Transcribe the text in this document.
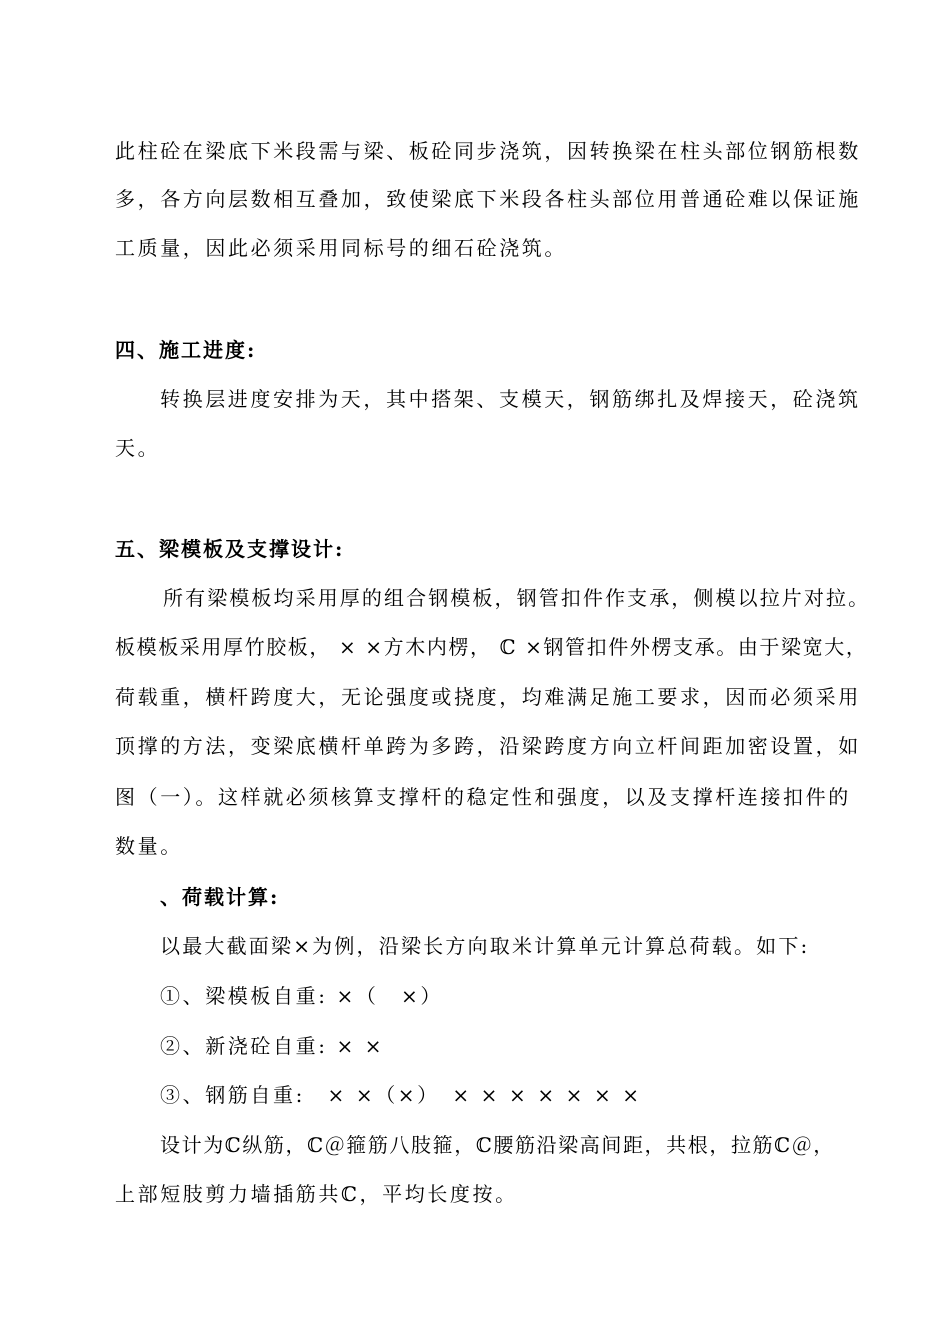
此柱砼在梁底下米段需与梁、板砼同步浇筑，因转换梁在柱头部位钢筋根数
多，各方向层数相互叠加，致使梁底下米段各柱头部位用普通砼难以保证施
工质量，因此必须采用同标号的细石砼浇筑。
四、施工进度:
转换层进度安排为天，其中搭架、支模天，钢筋绑扎及焊接天，砼浇筑
天。
五、梁模板及支撑设计:
所有梁模板均采用厚的组合钢模板，钢管扣件作支承，侧模以拉片对拉。
板模板采用厚竹胶板， × ×方木内楞， ℂ ×钢管扣件外楞支承。由于梁宽大，
荷载重，横杆跨度大，无论强度或挠度，均难满足施工要求，因而必须采用
顶撑的方法，变梁底横杆单跨为多跨，沿梁跨度方向立杆间距加密设置，如
图（一）。这样就必须核算支撑杆的稳定性和强度，以及支撑杆连接扣件的
数量。
、荷载计算:
以最大截面梁×为例，沿梁长方向取米计算单元计算总荷载。如下:
①、梁模板自重: ×（　×）
②、新浇砼自重: × ×
③、钢筋自重:　× ×（×）　× × × × × × ×
设计为ℂ纵筋，ℂ＠箍筋八肢箍，ℂ腰筋沿梁高间距，共根，拉筋ℂ＠，
上部短肢剪力墙插筋共ℂ，平均长度按。
